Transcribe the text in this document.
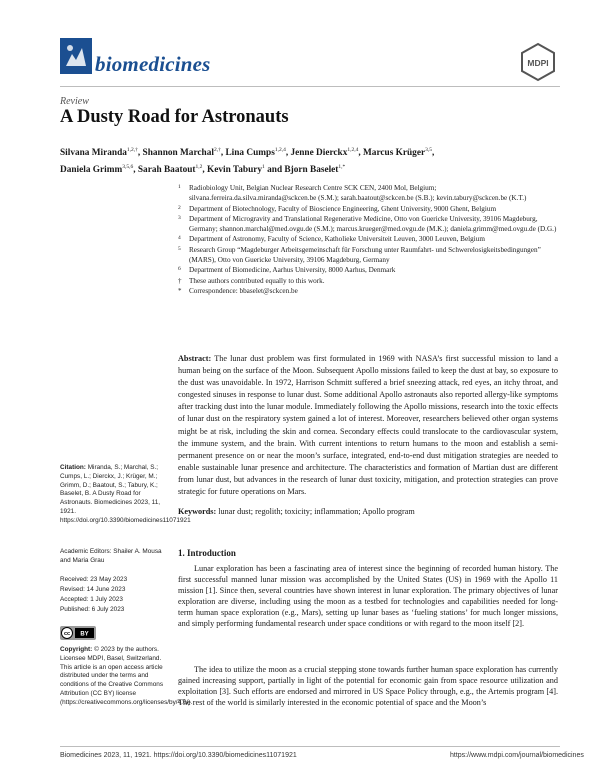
biomedicines	MDPI
Review
A Dusty Road for Astronauts
Silvana Miranda$^{1,2,\dagger}$, Shannon Marchal$^{2,\dagger}$, Lina Cumps$^{1,2,4}$, Jenne Dierckx$^{1,2,4}$, Marcus Krüger$^{3,5}$,
Daniela Grimm$^{3,5,6}$, Sarah Baatout$^{1,2}$, Kevin Tabury$^1$ and Bjorn Baselet$^{1,*}$
1 Radiobiology Unit, Belgian Nuclear Research Centre SCK CEN, 2400 Mol, Belgium; silvana.ferreira.da.silva.miranda@sckcen.be (S.M.); sarah.baatout@sckcen.be (S.B.); kevin.tabury@sckcen.be (K.T.)
2 Department of Biotechnology, Faculty of Bioscience Engineering, Ghent University, 9000 Ghent, Belgium
3 Department of Microgravity and Translational Regenerative Medicine, Otto von Guericke University, 39106 Magdeburg, Germany; shannon.marchal@med.ovgu.de (S.M.); marcus.krueger@med.ovgu.de (M.K.); daniela.grimm@med.ovgu.de (D.G.)
4 Department of Astronomy, Faculty of Science, Katholieke Universiteit Leuven, 3000 Leuven, Belgium
5 Research Group “Magdeburger Arbeitsgemeinschaft für Forschung unter Raumfahrt- und Schwerelosigkeitsbedingungen” (MARS), Otto von Guericke University, 39106 Magdeburg, Germany
6 Department of Biomedicine, Aarhus University, 8000 Aarhus, Denmark
† These authors contributed equally to this work.
* Correspondence: bbaselet@sckcen.be
Abstract: The lunar dust problem was first formulated in 1969 with NASA’s first successful mission to land a human being on the surface of the Moon. Subsequent Apollo missions failed to keep the dust at bay, so exposure to the dust was unavoidable. In 1972, Harrison Schmitt suffered a brief sneezing attack, red eyes, an itchy throat, and congested sinuses in response to lunar dust. Some additional Apollo astronauts also reported allergy-like symptoms after tracking dust into the lunar module. Immediately following the Apollo missions, research into the toxic effects of lunar dust on the respiratory system gained a lot of interest. Moreover, researchers believed other organ systems might be at risk, including the skin and cornea. Secondary effects could translocate to the cardiovascular system, the immune system, and the brain. With current intentions to return humans to the moon and establish a semi-permanent presence on or near the moon’s surface, integrated, end-to-end dust mitigation strategies are needed to enable sustainable lunar presence and architecture. The characteristics and formation of Martian dust are different from lunar dust, but advances in the research of lunar dust toxicity, mitigation, and protection strategies can prove strategic for future operations on Mars.
Keywords: lunar dust; regolith; toxicity; inflammation; Apollo program
Citation: Miranda, S.; Marchal, S.; Cumps, L.; Dierckx, J.; Krüger, M.; Grimm, D.; Baatout, S.; Tabury, K.; Baselet, B. A Dusty Road for Astronauts. Biomedicines 2023, 11, 1921. https://doi.org/10.3390/biomedicines11071921
Academic Editors: Shailer A. Mousa and Maria Grau
Received: 23 May 2023
Revised: 14 June 2023
Accepted: 1 July 2023
Published: 6 July 2023
cc BY
Copyright: © 2023 by the authors. Licensee MDPI, Basel, Switzerland. This article is an open access article distributed under the terms and conditions of the Creative Commons Attribution (CC BY) license (https://creativecommons.org/licenses/by/4.0/).
1. Introduction
Lunar exploration has been a fascinating area of interest since the beginning of recorded human history. The first successful manned lunar mission was accomplished by the United States (US) in 1969 with the Apollo 11 mission [1]. Since then, several countries have shown interest in lunar exploration. The primary objectives of lunar exploration are diverse, including using the moon as a testbed for technologies and capabilities needed for long-term human space exploration (e.g., Mars), setting up lunar bases as ‘fueling stations’ for much longer missions, and simply performing fundamental research under space conditions or with regard to the moon itself [2].
The idea to utilize the moon as a crucial stepping stone towards further human space exploration has currently gained increasing support, partially in light of the potential for economic gain from space resource utilization and exploitation [3]. Such efforts are endorsed and mirrored in US Space Policy through, e.g., the Artemis program [4]. The rest of the world is similarly interested in the economic potential of space and the Moon’s
Biomedicines 2023, 11, 1921. https://doi.org/10.3390/biomedicines11071921	https://www.mdpi.com/journal/biomedicines
